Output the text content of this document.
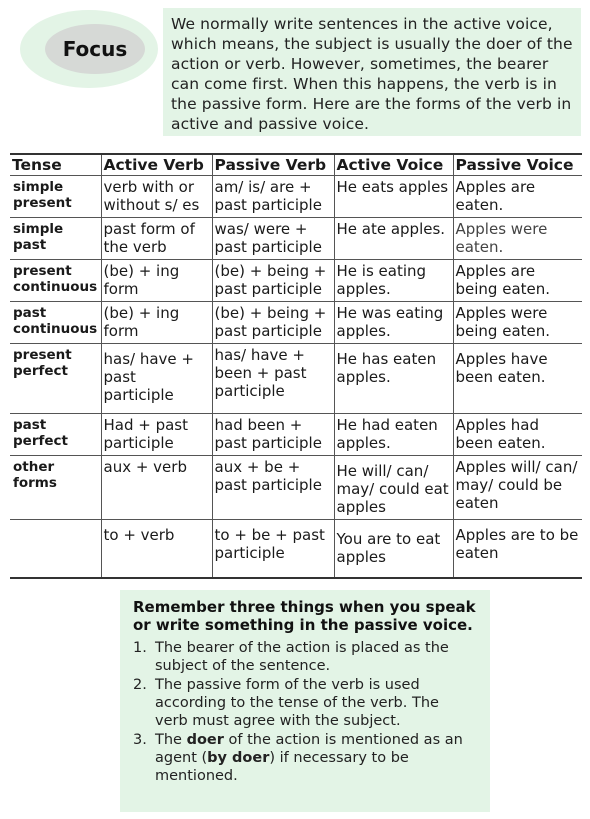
Focus
We normally write sentences in the active voice, which means, the subject is usually the doer of the action or verb. However, sometimes, the bearer can come first. When this happens, the verb is in the passive form. Here are the forms of the verb in active and passive voice.
Tense	Active Verb	Passive Verb	Active Voice	Passive Voice
simple present	verb with or without s/ es	am/ is/ are + past participle	He eats apples	Apples are eaten.
simple past	past form of the verb	was/ were + past participle	He ate apples.	Apples were eaten.
present continuous	(be) + ing form	(be) + being + past participle	He is eating apples.	Apples are being eaten.
past continuous	(be) + ing form	(be) + being + past participle	He was eating apples.	Apples were being eaten.
present perfect	has/ have + past participle	has/ have + been + past participle	He has eaten apples.	Apples have been eaten.
past perfect	Had + past participle	had been + past participle	He had eaten apples.	Apples had been eaten.
other forms	aux + verb	aux + be + past participle	He will/ can/ may/ could eat apples	Apples will/ can/ may/ could be eaten
	to + verb	to + be + past participle	You are to eat apples	Apples are to be eaten
Remember three things when you speak or write something in the passive voice.
1. The bearer of the action is placed as the subject of the sentence.
2. The passive form of the verb is used according to the tense of the verb. The verb must agree with the subject.
3. The doer of the action is mentioned as an agent (by doer) if necessary to be mentioned.
